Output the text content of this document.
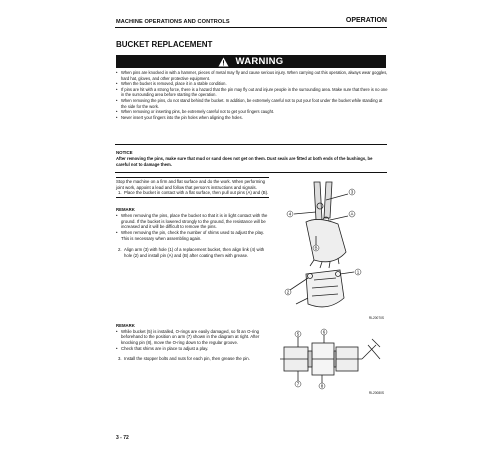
MACHINE OPERATIONS AND CONTROLS	OPERATION
BUCKET REPLACEMENT
WARNING
• When pins are knocked in with a hammer, pieces of metal may fly and cause serious injury. When carrying out this operation, always wear goggles, hard hat, gloves, and other protective equipment.
• When the bucket is removed, place it in a stable condition.
• If pins are hit with a strong force, there is a hazard that the pin may fly out and injure people in the surrounding area. Make sure that there is no one in the surrounding area before starting the operation.
• When removing the pins, do not stand behind the bucket. In addition, be extremely careful not to put your foot under the bucket while standing at the side for the work.
• When removing or inserting pins, be extremely careful not to get your fingers caught.
• Never insert your fingers into the pin holes when aligning the holes.
NOTICE
After removing the pins, make sure that mud or sand does not get on them. Dust seals are fitted at both ends of the bushings, be careful not to damage them.
Stop the machine on a firm and flat surface and do the work. When performing joint work, appoint a lead and follow that person's instructions and signals.
1. Place the bucket in contact with a flat surface, then pull out pins (A) and (B).
REMARK
• When removing the pins, place the bucket so that it is in light contact with the ground. If the bucket is lowered strongly to the ground, the resistance will be increased and it will be difficult to remove the pins.
• When removing the pin, check the number of shims used to adjust the play. This is necessary when assembling again.
2. Align arm (3) with hole (1) of a replacement bucket, then align link (4) with hole (2) and install pin (A) and (B) after coating them with grease.
REMARK
• While bucket (5) is installed, O-rings are easily damaged, so fit an O-ring beforehand to the position on arm (7) shown in the diagram at right. After knocking pin (8), move the O-ring down to the regular groove.
• Check that shims are in place to adjust a play.
3. Install the stopper bolts and nuts for each pin, then grease the pin.
3
4	A
B
1
2
RL20070S
5	6
7	8
RL20080S
3 - 72
